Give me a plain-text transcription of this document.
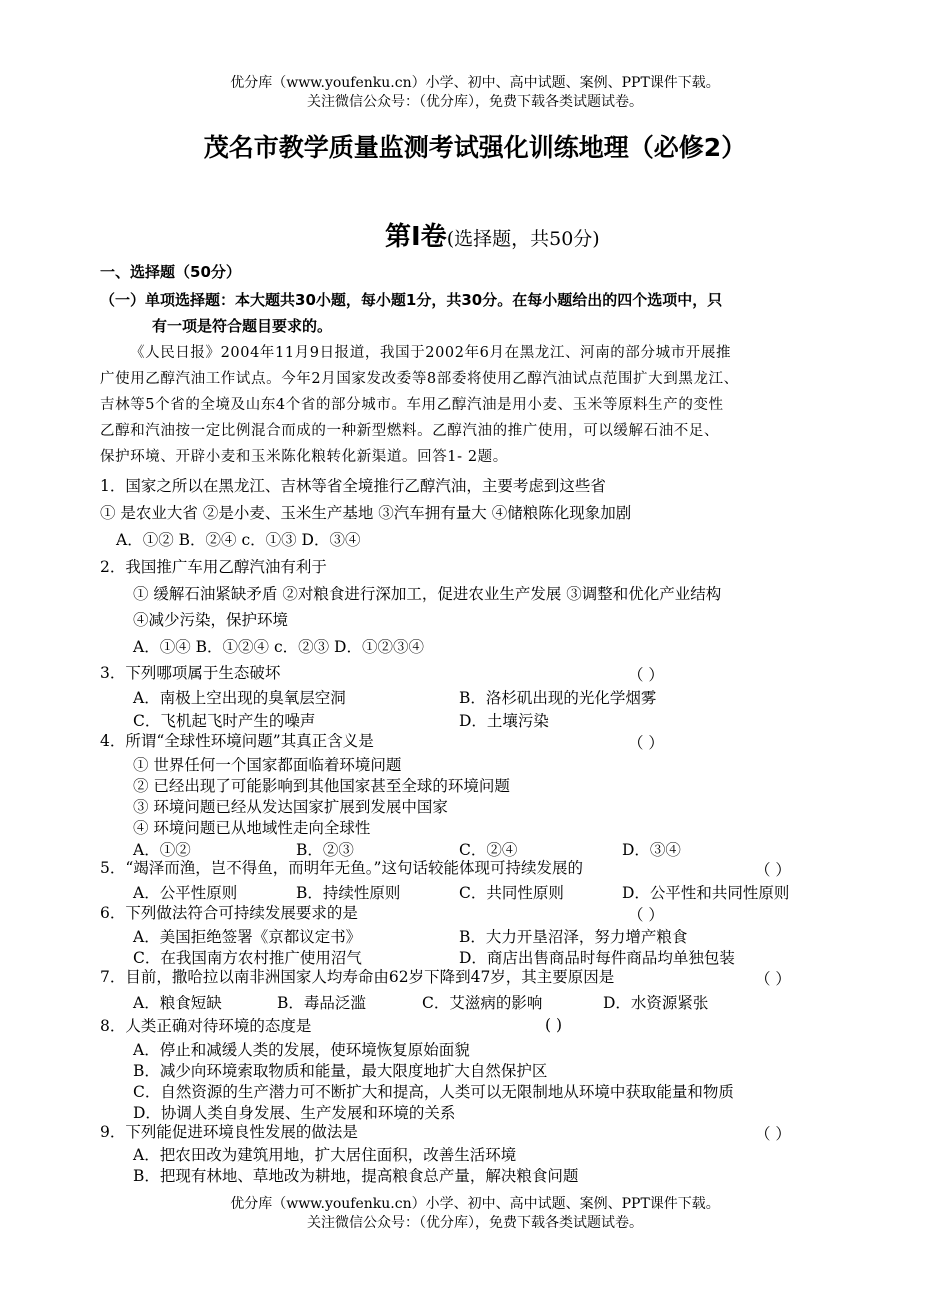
优分库（www.youfenku.cn）小学、初中、高中试题、案例、PPT课件下载。
关注微信公众号：（优分库），免费下载各类试题试卷。
茂名市教学质量监测考试强化训练地理（必修2）
第Ⅰ卷(选择题，共50分)
一、选择题（50分）
（一）单项选择题：本大题共30小题，每小题1分，共30分。在每小题给出的四个选项中，只
有一项是符合题目要求的。
《人民日报》2004年11月9日报道，我国于2002年6月在黑龙江、河南的部分城市开展推
广使用乙醇汽油工作试点。今年2月国家发改委等8部委将使用乙醇汽油试点范围扩大到黑龙江、
吉林等5个省的全境及山东4个省的部分城市。车用乙醇汽油是用小麦、玉米等原料生产的变性
乙醇和汽油按一定比例混合而成的一种新型燃料。乙醇汽油的推广使用，可以缓解石油不足、
保护环境、开辟小麦和玉米陈化粮转化新渠道。回答1- 2题。
1．国家之所以在黑龙江、吉林等省全境推行乙醇汽油，主要考虑到这些省
① 是农业大省 ②是小麦、玉米生产基地 ③汽车拥有量大 ④储粮陈化现象加剧
A．①② B．②④ c．①③ D．③④
2．我国推广车用乙醇汽油有利于
① 缓解石油紧缺矛盾 ②对粮食进行深加工，促进农业生产发展 ③调整和优化产业结构
④减少污染，保护环境
A．①④ B．①②④ c．②③ D．①②③④
3．下列哪项属于生态破坏	（ ）
A．南极上空出现的臭氧层空洞	B．洛杉矶出现的光化学烟雾
C．飞机起飞时产生的噪声	D．土壤污染
4．所谓“全球性环境问题”其真正含义是	（ ）
① 世界任何一个国家都面临着环境问题
② 已经出现了可能影响到其他国家甚至全球的环境问题
③ 环境问题已经从发达国家扩展到发展中国家
④ 环境问题已从地域性走向全球性
A．①②	B．②③	C．②④	D．③④
5．“竭泽而渔，岂不得鱼，而明年无鱼。”这句话较能体现可持续发展的	（ ）
A．公平性原则	B．持续性原则	C．共同性原则	D．公平性和共同性原则
6．下列做法符合可持续发展要求的是	（ ）
A．美国拒绝签署《京都议定书》	B．大力开垦沼泽，努力增产粮食
C．在我国南方农村推广使用沼气	D．商店出售商品时每件商品均单独包装
7．目前，撒哈拉以南非洲国家人均寿命由62岁下降到47岁，其主要原因是	（ ）
A．粮食短缺	B．毒品泛滥	C．艾滋病的影响	D．水资源紧张
8．人类正确对待环境的态度是	( )
A．停止和减缓人类的发展，使环境恢复原始面貌
B．减少向环境索取物质和能量，最大限度地扩大自然保护区
C．自然资源的生产潜力可不断扩大和提高，人类可以无限制地从环境中获取能量和物质
D．协调人类自身发展、生产发展和环境的关系
9．下列能促进环境良性发展的做法是	（ ）
A．把农田改为建筑用地，扩大居住面积，改善生活环境
B．把现有林地、草地改为耕地，提高粮食总产量，解决粮食问题
优分库（www.youfenku.cn）小学、初中、高中试题、案例、PPT课件下载。
关注微信公众号：（优分库），免费下载各类试题试卷。
